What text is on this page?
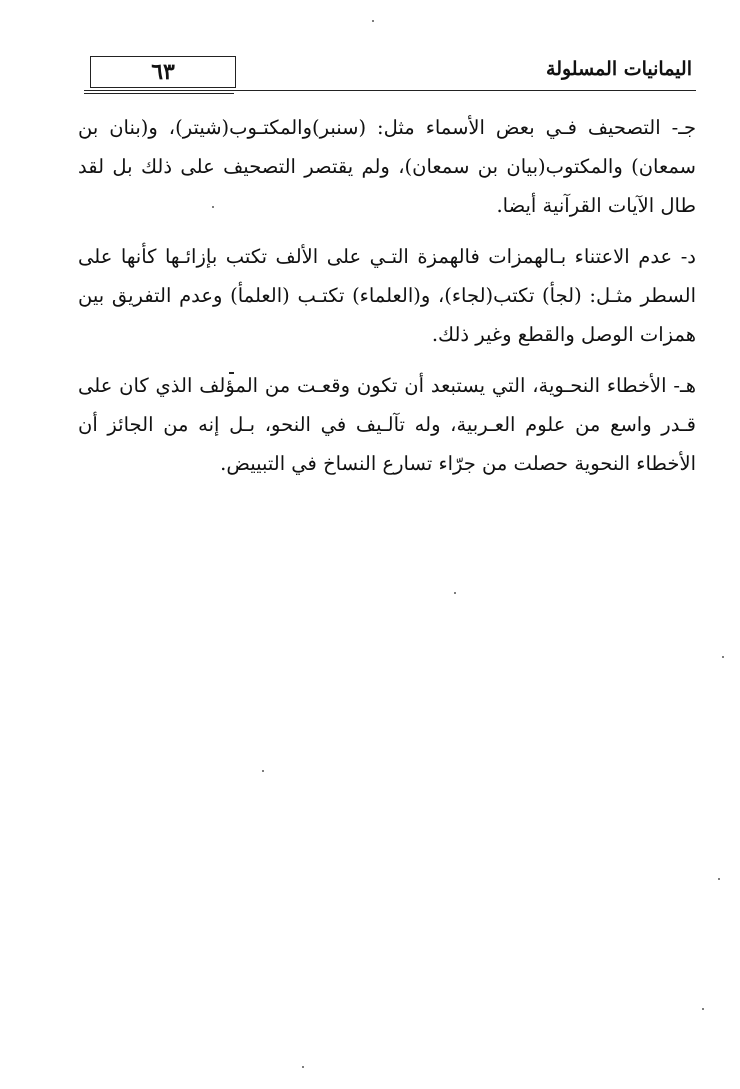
٦٣	اليمانيات المسلولة

جـ- التصحيف فـي بعض الأسماء مثل: (سنبر)والمكتـوب(شيتر)، و(بنان بن سمعان) والمكتوب(بيان بن سمعان)، ولم يقتصر التصحيف على ذلك بل لقد طال الآيات القرآنية أيضا.

د- عدم الاعتناء بـالهمزات فالهمزة التـي على الألف تكتب بإزائـها كأنها على السطر مثـل: (لجأ) تكتب(لجاء)، و(العلماء) تكتـب (العلمأ) وعدم التفريق بين همزات الوصل والقطع وغير ذلك.

هـ- الأخطاء النحـوية، التي يستبعد أن تكون وقعـت من المؤلف الذي كان على قـدر واسع من علوم العـربية، وله تآلـيف في النحو، بـل إنه من الجائز أن الأخطاء النحوية حصلت من جرّاء تسارع النساخ في التبييض.
